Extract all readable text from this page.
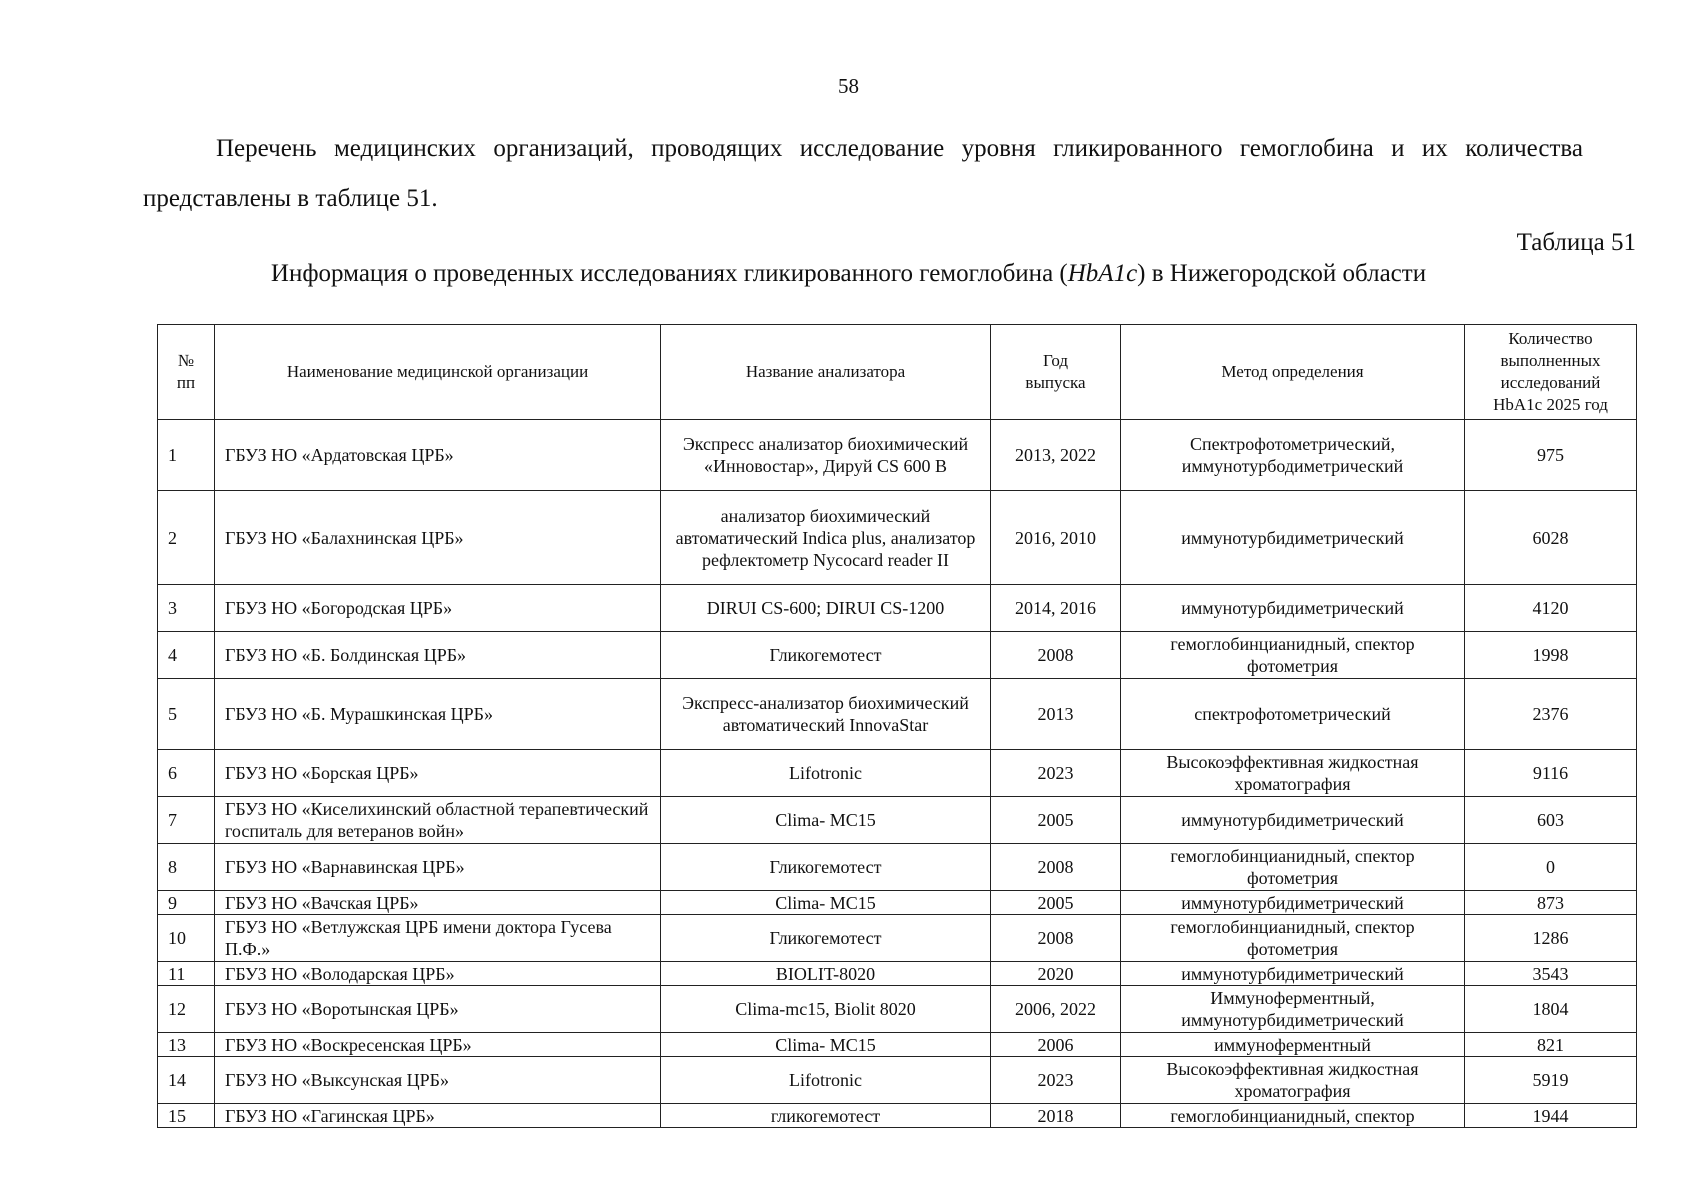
58

Перечень медицинских организаций, проводящих исследование уровня гликированного гемоглобина и их количества представлены в таблице 51.

Таблица 51
Информация о проведенных исследованиях гликированного гемоглобина (HbA1c) в Нижегородской области
№ пп	Наименование медицинской организации	Название анализатора	Год выпуска	Метод определения	Количество выполненных исследований HbA1c 2025 год
1	ГБУЗ НО «Ардатовская ЦРБ»	Экспресс анализатор биохимический «Инновостар», Дируй CS 600 В	2013, 2022	Спектрофотометрический, иммунотурбодиметрический	975
2	ГБУЗ НО «Балахнинская ЦРБ»	анализатор биохимический автоматический Indica plus, анализатор рефлектометр Nycocard reader II	2016, 2010	иммунотурбидиметрический	6028
3	ГБУЗ НО «Богородская ЦРБ»	DIRUI CS-600; DIRUI CS-1200	2014, 2016	иммунотурбидиметрический	4120
4	ГБУЗ НО «Б. Болдинская ЦРБ»	Гликогемотест	2008	гемоглобинцианидный, спектор фотометрия	1998
5	ГБУЗ НО «Б. Мурашкинская ЦРБ»	Экспресс-анализатор биохимический автоматический InnovaStar	2013	спектрофотометрический	2376
6	ГБУЗ НО «Борская ЦРБ»	Lifotronic	2023	Высокоэффективная жидкостная хроматография	9116
7	ГБУЗ НО «Киселихинский областной терапевтический госпиталь для ветеранов войн»	Clima- MC15	2005	иммунотурбидиметрический	603
8	ГБУЗ НО «Варнавинская ЦРБ»	Гликогемотест	2008	гемоглобинцианидный, спектор фотометрия	0
9	ГБУЗ НО «Вачская ЦРБ»	Clima- MC15	2005	иммунотурбидиметрический	873
10	ГБУЗ НО «Ветлужская ЦРБ имени доктора Гусева П.Ф.»	Гликогемотест	2008	гемоглобинцианидный, спектор фотометрия	1286
11	ГБУЗ НО «Володарская ЦРБ»	BIOLIT-8020	2020	иммунотурбидиметрический	3543
12	ГБУЗ НО «Воротынская ЦРБ»	Clima-mc15, Biolit 8020	2006, 2022	Иммуноферментный, иммунотурбидиметрический	1804
13	ГБУЗ НО «Воскресенская ЦРБ»	Clima- MC15	2006	иммуноферментный	821
14	ГБУЗ НО «Выксунская ЦРБ»	Lifotronic	2023	Высокоэффективная жидкостная хроматография	5919
15	ГБУЗ НО «Гагинская ЦРБ»	гликогемотест	2018	гемоглобинцианидный, спектор	1944
